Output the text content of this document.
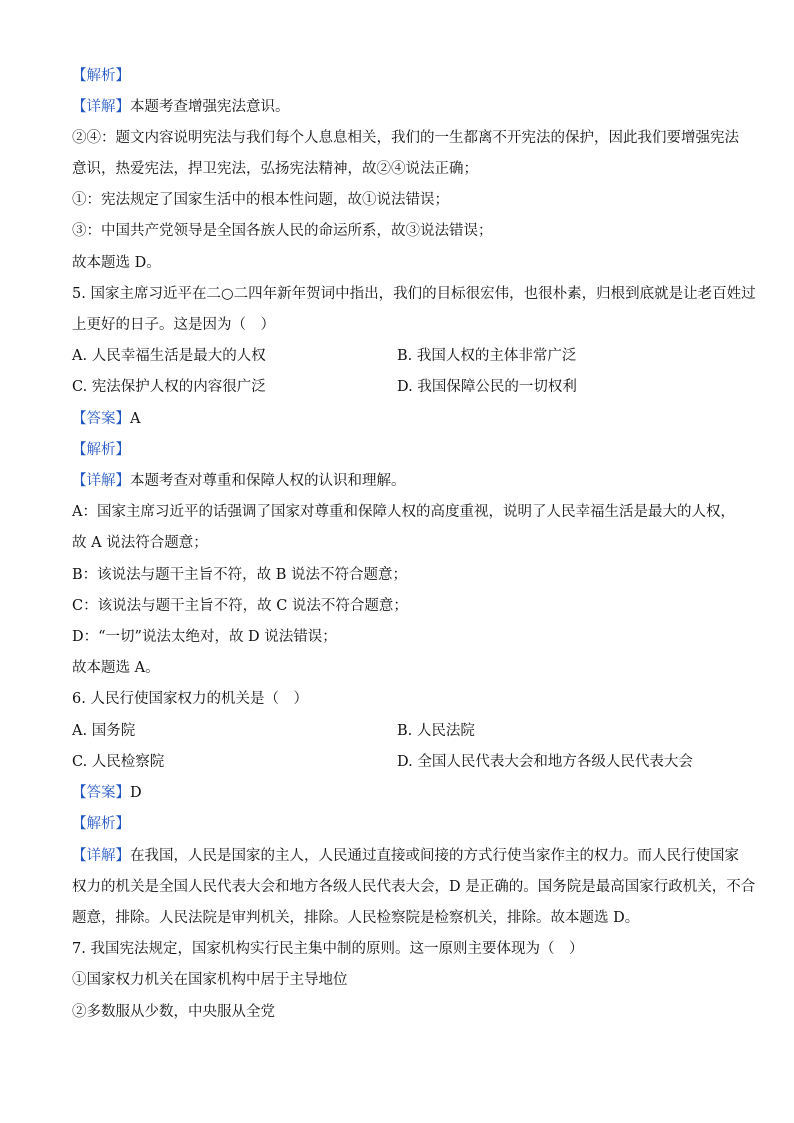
【解析】
【详解】本题考查增强宪法意识。
②④：题文内容说明宪法与我们每个人息息相关，我们的一生都离不开宪法的保护，因此我们要增强宪法
意识，热爱宪法，捍卫宪法，弘扬宪法精神，故②④说法正确；
①：宪法规定了国家生活中的根本性问题，故①说法错误；
③：中国共产党领导是全国各族人民的命运所系，故③说法错误；
故本题选 D。
5. 国家主席习近平在二○二四年新年贺词中指出，我们的目标很宏伟，也很朴素，归根到底就是让老百姓过
上更好的日子。这是因为（　）
A. 人民幸福生活是最大的人权	B. 我国人权的主体非常广泛
C. 宪法保护人权的内容很广泛	D. 我国保障公民的一切权利
【答案】A
【解析】
【详解】本题考查对尊重和保障人权的认识和理解。
A：国家主席习近平的话强调了国家对尊重和保障人权的高度重视，说明了人民幸福生活是最大的人权，
故 A 说法符合题意；
B：该说法与题干主旨不符，故 B 说法不符合题意；
C：该说法与题干主旨不符，故 C 说法不符合题意；
D：“一切”说法太绝对，故 D 说法错误；
故本题选 A。
6. 人民行使国家权力的机关是（　）
A. 国务院	B. 人民法院
C. 人民检察院	D. 全国人民代表大会和地方各级人民代表大会
【答案】D
【解析】
【详解】在我国，人民是国家的主人，人民通过直接或间接的方式行使当家作主的权力。而人民行使国家
权力的机关是全国人民代表大会和地方各级人民代表大会，D 是正确的。国务院是最高国家行政机关，不合
题意，排除。人民法院是审判机关，排除。人民检察院是检察机关，排除。故本题选 D。
7. 我国宪法规定，国家机构实行民主集中制的原则。这一原则主要体现为（　）
①国家权力机关在国家机构中居于主导地位
②多数服从少数，中央服从全党
